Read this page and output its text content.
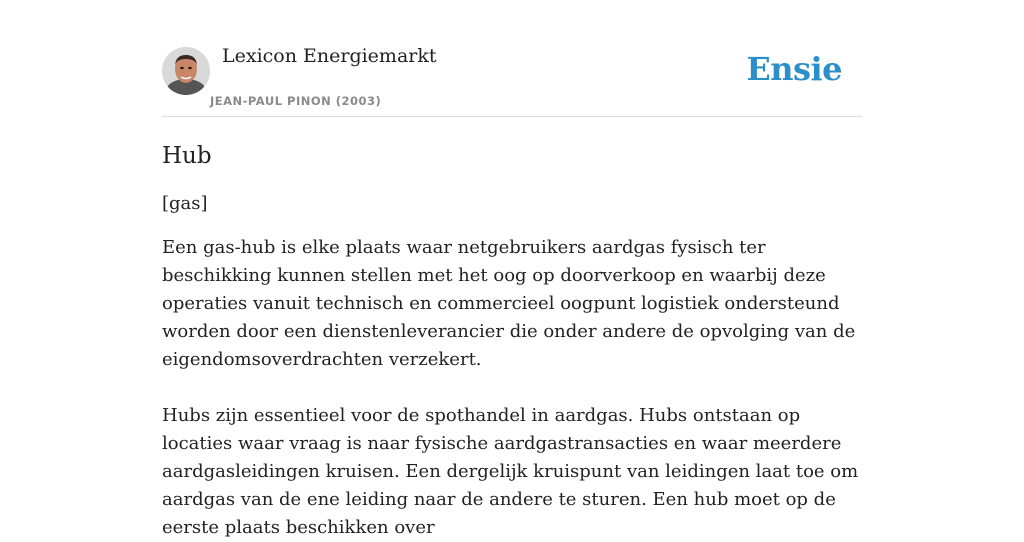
Lexicon Energiemarkt
JEAN-PAUL PINON (2003)
Ensie
Hub
[gas]

Een gas-hub is elke plaats waar netgebruikers aardgas fysisch ter beschikking kunnen stellen met het oog op doorverkoop en waarbij deze operaties vanuit technisch en commercieel oogpunt logistiek ondersteund worden door een dienstenleverancier die onder andere de opvolging van de eigendomsoverdrachten verzekert.

Hubs zijn essentieel voor de spothandel in aardgas. Hubs ontstaan op locaties waar vraag is naar fysische aardgastransacties en waar meerdere aardgasleidingen kruisen. Een dergelijk kruispunt van leidingen laat toe om aardgas van de ene leiding naar de andere te sturen. Een hub moet op de eerste plaats beschikken over
